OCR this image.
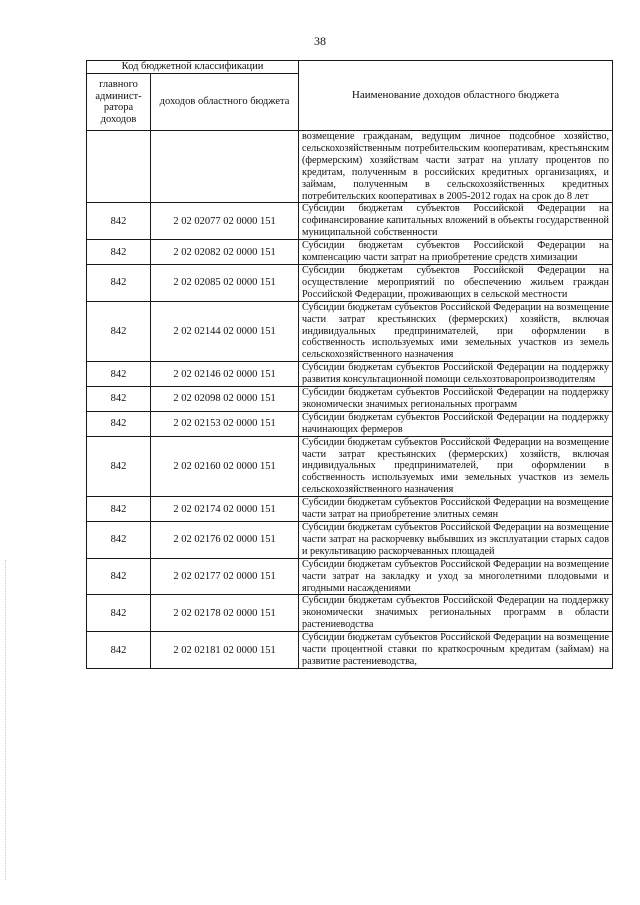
38
Код бюджетной классификации		Наименование доходов областного бюджета
главного админист-ратора доходов	доходов областного бюджета	
		возмещение гражданам, ведущим личное подсобное хозяйство, сельскохозяйственным потребительским кооперативам, крестьянским (фермерским) хозяйствам части затрат на уплату процентов по кредитам, полученным в российских кредитных организациях, и займам, полученным в сельскохозяйственных кредитных потребительских кооперативах в 2005-2012 годах на срок до 8 лет
842	2 02 02077 02 0000 151	Субсидии бюджетам субъектов Российской Федерации на софинансирование капитальных вложений в объекты государственной муниципальной собственности
842	2 02 02082 02 0000 151	Субсидии бюджетам субъектов Российской Федерации на компенсацию части затрат на приобретение средств химизации
842	2 02 02085 02 0000 151	Субсидии бюджетам субъектов Российской Федерации на осуществление мероприятий по обеспечению жильем граждан Российской Федерации, проживающих в сельской местности
842	2 02 02144 02 0000 151	Субсидии бюджетам субъектов Российской Федерации на возмещение части затрат крестьянских (фермерских) хозяйств, включая индивидуальных предпринимателей, при оформлении в собственность используемых ими земельных участков из земель сельскохозяйственного назначения
842	2 02 02146 02 0000 151	Субсидии бюджетам субъектов Российской Федерации на поддержку развития консультационной помощи сельхозтоваропроизводителям
842	2 02 02098 02 0000 151	Субсидии бюджетам субъектов Российской Федерации на поддержку экономически значимых региональных программ
842	2 02 02153 02 0000 151	Субсидии бюджетам субъектов Российской Федерации на поддержку начинающих фермеров
842	2 02 02160 02 0000 151	Субсидии бюджетам субъектов Российской Федерации на возмещение части затрат крестьянских (фермерских) хозяйств, включая индивидуальных предпринимателей, при оформлении в собственность используемых ими земельных участков из земель сельскохозяйственного назначения
842	2 02 02174 02 0000 151	Субсидии бюджетам субъектов Российской Федерации на возмещение части затрат на приобретение элитных семян
842	2 02 02176 02 0000 151	Субсидии бюджетам субъектов Российской Федерации на возмещение части затрат на раскорчевку выбывших из эксплуатации старых садов и рекультивацию раскорчеванных площадей
842	2 02 02177 02 0000 151	Субсидии бюджетам субъектов Российской Федерации на возмещение части затрат на закладку и уход за многолетними плодовыми и ягодными насаждениями
842	2 02 02178 02 0000 151	Субсидии бюджетам субъектов Российской Федерации на поддержку экономически значимых региональных программ в области растениеводства
842	2 02 02181 02 0000 151	Субсидии бюджетам субъектов Российской Федерации на возмещение части процентной ставки по краткосрочным кредитам (займам) на развитие растениеводства,
